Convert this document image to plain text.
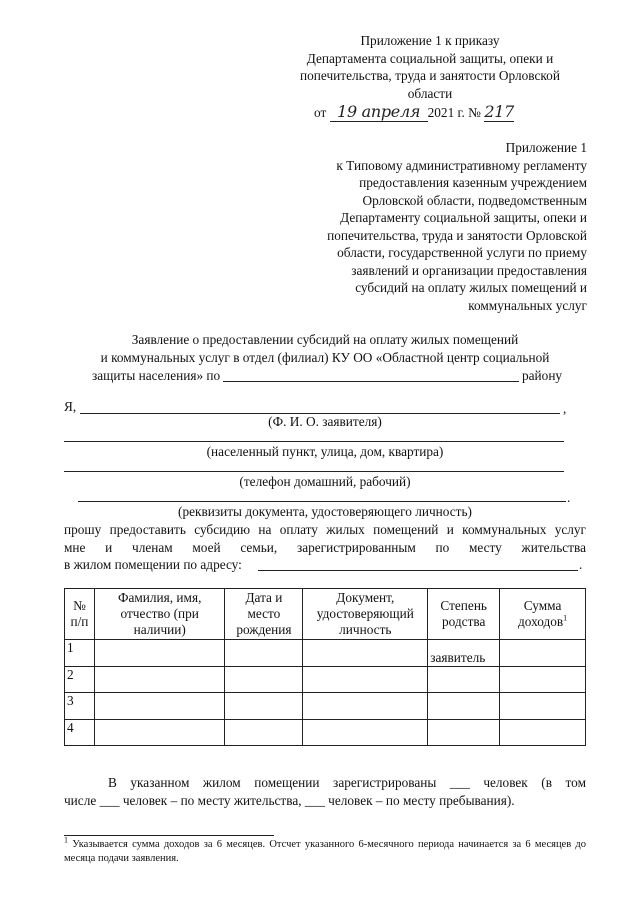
Приложение 1 к приказу
Департамента социальной защиты, опеки и
попечительства, труда и занятости Орловской
области
от 19 апреля 2021 г. № 217
Приложение 1
к Типовому административному регламенту
предоставления казенным учреждением
Орловской области, подведомственным
Департаменту социальной защиты, опеки и
попечительства, труда и занятости Орловской
области, государственной услуги по приему
заявлений и организации предоставления
субсидий на оплату жилых помещений и
коммунальных услуг
Заявление о предоставлении субсидий на оплату жилых помещений
и коммунальных услуг в отдел (филиал) КУ ОО «Областной центр социальной
защиты населения» по	району
Я,	,
(Ф. И. О. заявителя)
(населенный пункт, улица, дом, квартира)
(телефон домашний, рабочий)
.
(реквизиты документа, удостоверяющего личность)
прошу предоставить субсидию на оплату жилых помещений и коммунальных услуг
мне и членам моей семьи, зарегистрированным по месту жительства
в жилом помещении по адресу:	.
№ п/п	Фамилия, имя, отчество (при наличии)	Дата и место рождения	Документ, удостоверяющий личность	Степень родства	Сумма доходов$^1$
1				заявитель	
2					
3					
4					
В указанном жилом помещении зарегистрированы ___ человек (в том
числе ___ человек – по месту жительства, ___ человек – по месту пребывания).
$^1$ Указывается сумма доходов за 6 месяцев. Отсчет указанного 6-месячного периода начинается за 6 месяцев до месяца подачи заявления.
